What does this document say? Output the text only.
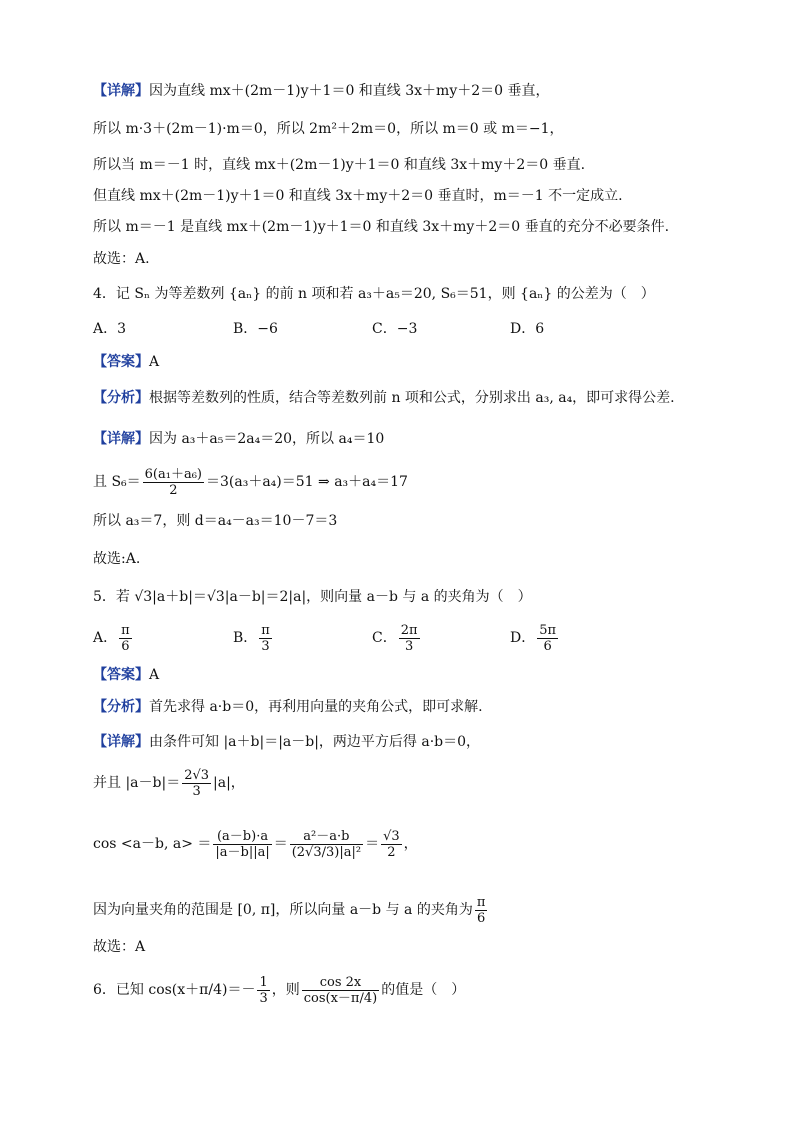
【详解】因为直线 mx＋(2m－1)y＋1＝0 和直线 3x＋my＋2＝0 垂直，
所以 m·3＋(2m－1)·m＝0，所以 2m²＋2m＝0，所以 m＝0 或 m＝−1，
所以当 m＝－1 时，直线 mx＋(2m－1)y＋1＝0 和直线 3x＋my＋2＝0 垂直.
但直线 mx＋(2m－1)y＋1＝0 和直线 3x＋my＋2＝0 垂直时，m＝－1 不一定成立.
所以 m＝－1 是直线 mx＋(2m－1)y＋1＝0 和直线 3x＋my＋2＝0 垂直的充分不必要条件.
故选：A.
4．记 Sₙ 为等差数列 {aₙ} 的前 n 项和若 a₃＋a₅＝20, S₆＝51，则 {aₙ} 的公差为（　）
A．3	B．−6	C．−3	D．6
【答案】A
【分析】根据等差数列的性质，结合等差数列前 n 项和公式，分别求出 a₃, a₄，即可求得公差.
【详解】因为 a₃＋a₅＝2a₄＝20，所以 a₄＝10
且 $S_6= \frac{\text{6(a₁＋a₆)}}{2} =3(a_3+a_4)=51$ ⇒ a₃＋a₄＝17
所以 a₃＝7，则 d＝a₄－a₃＝10－7＝3
故选:A.
5．若 √3|a＋b|＝√3|a－b|＝2|a|，则向量 a－b 与 a 的夹角为（　）
A． $\frac{\pi}{6}$	B． $\frac{\pi}{3}$	C． $\frac{2\pi}{3}$	D． $\frac{5\pi}{6}$
【答案】A
【分析】首先求得 a·b＝0，再利用向量的夹角公式，即可求解.
【详解】由条件可知 |a＋b|＝|a－b|，两边平方后得 a·b＝0，
并且 $|a-b|= \frac{2√3}{3} |a|$，
cos <a－b, $a> = \frac{(a-b)\cdot a}{|a-b||a|} = \frac{\text{a²－a·b}}{\text{(2√3/3)|a|²}} = \frac{√3}{2}$ ，
因为向量夹角的范围是 [0, π]，所以向量 a－b 与 a 的夹角为 $\frac{\pi}{6}$
故选：A
6．已知 $\cos(x+\pi/4)=- \frac{1}{3}$ ，则 $\frac{\cos 2x}{\cos(x-\pi/4)}$ 的值是（　）
